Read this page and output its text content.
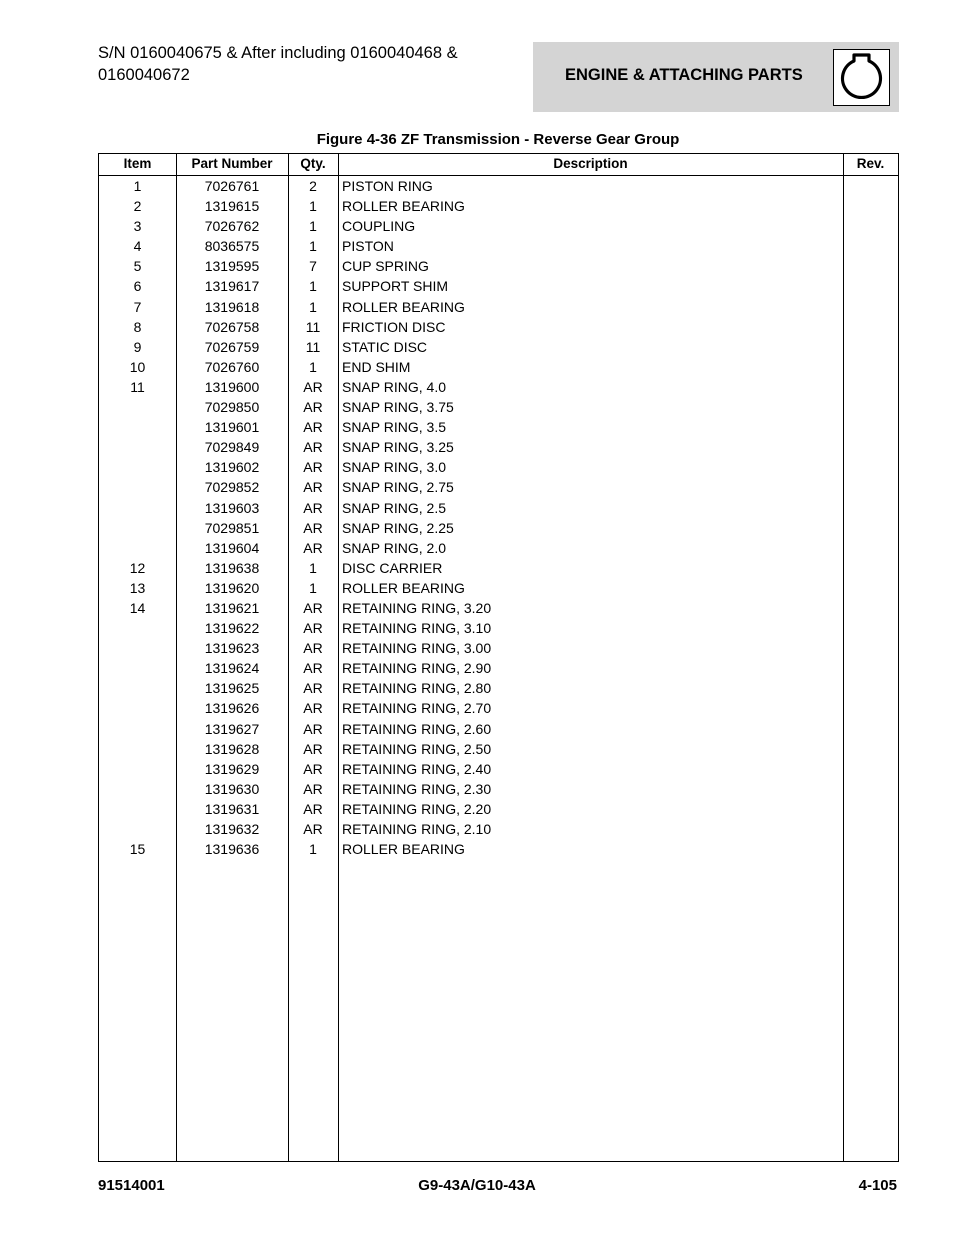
S/N 0160040675 & After including 0160040468 &
0160040672	ENGINE & ATTACHING PARTS
Figure 4-36 ZF Transmission - Reverse Gear Group
Item	Part Number	Qty.	Description	Rev.
1	7026761	2	PISTON RING
2	1319615	1	ROLLER BEARING
3	7026762	1	COUPLING
4	8036575	1	PISTON
5	1319595	7	CUP SPRING
6	1319617	1	SUPPORT SHIM
7	1319618	1	ROLLER BEARING
8	7026758	11	FRICTION DISC
9	7026759	11	STATIC DISC
10	7026760	1	END SHIM
11	1319600	AR	SNAP RING, 4.0
7029850	AR	SNAP RING, 3.75
1319601	AR	SNAP RING, 3.5
7029849	AR	SNAP RING, 3.25
1319602	AR	SNAP RING, 3.0
7029852	AR	SNAP RING, 2.75
1319603	AR	SNAP RING, 2.5
7029851	AR	SNAP RING, 2.25
1319604	AR	SNAP RING, 2.0
12	1319638	1	DISC CARRIER
13	1319620	1	ROLLER BEARING
14	1319621	AR	RETAINING RING, 3.20
1319622	AR	RETAINING RING, 3.10
1319623	AR	RETAINING RING, 3.00
1319624	AR	RETAINING RING, 2.90
1319625	AR	RETAINING RING, 2.80
1319626	AR	RETAINING RING, 2.70
1319627	AR	RETAINING RING, 2.60
1319628	AR	RETAINING RING, 2.50
1319629	AR	RETAINING RING, 2.40
1319630	AR	RETAINING RING, 2.30
1319631	AR	RETAINING RING, 2.20
1319632	AR	RETAINING RING, 2.10
15	1319636	1	ROLLER BEARING
91514001	G9-43A/G10-43A	4-105
